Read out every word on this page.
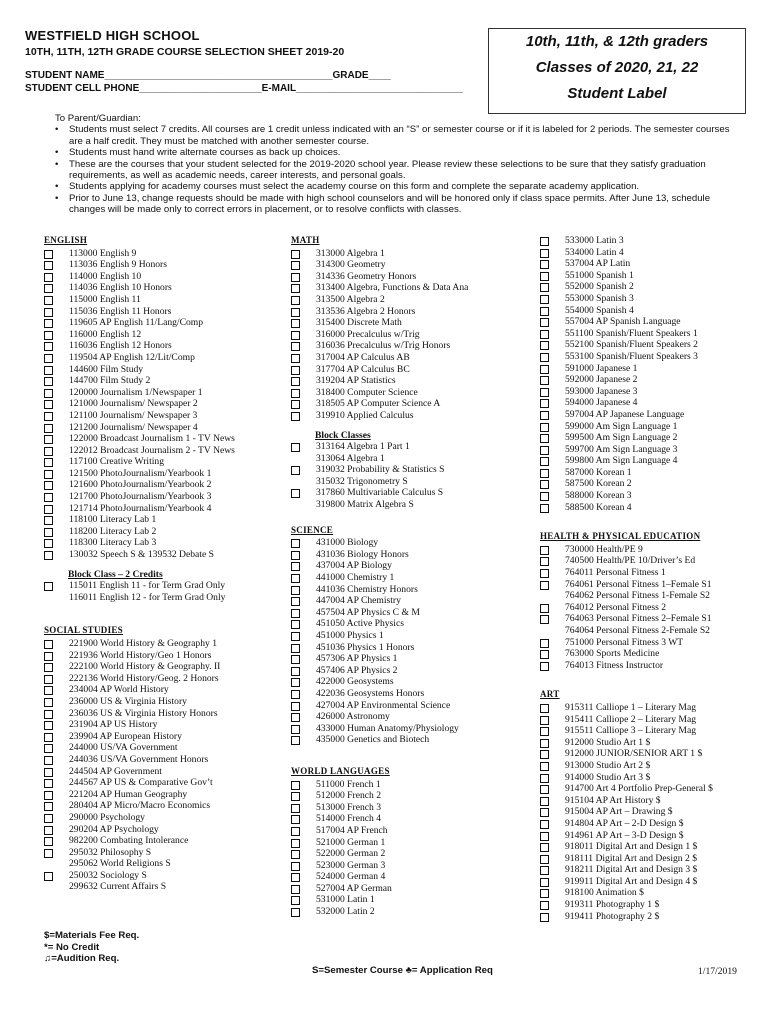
WESTFIELD HIGH SCHOOL
10TH, 11TH, 12TH GRADE COURSE SELECTION SHEET 2019-20
STUDENT NAME_________________________________________GRADE____
STUDENT CELL PHONE______________________E-MAIL______________________________
10th, 11th, & 12th graders
Classes of 2020, 21, 22
Student Label
To Parent/Guardian:
• Students must select 7 credits. All courses are 1 credit unless indicated with an “S” or semester course or if it is labeled for 2 periods. The semester courses are a half credit. They must be matched with another semester course.
• Students must hand write alternate courses as back up choices.
• These are the courses that your student selected for the 2019-2020 school year. Please review these selections to be sure that they satisfy graduation requirements, as well as academic needs, career interests, and personal goals.
• Students applying for academy courses must select the academy course on this form and complete the separate academy application.
• Prior to June 13, change requests should be made with high school counselors and will be honored only if class space permits. After June 13, schedule changes will be made only to correct errors in placement, or to resolve conflicts with classes.
ENGLISH
113000 English 9
113036 English 9 Honors
114000 English 10
114036 English 10 Honors
115000 English 11
115036 English 11 Honors
119605 AP English 11/Lang/Comp
116000 English 12
116036 English 12 Honors
119504 AP English 12/Lit/Comp
144600 Film Study
144700 Film Study 2
120000 Journalism 1/Newspaper 1
121000 Journalism/ Newspaper 2
121100 Journalism/ Newspaper 3
121200 Journalism/ Newspaper 4
122000 Broadcast Journalism 1 - TV News
122012 Broadcast Journalism 2 - TV News
117100 Creative Writing
121500 PhotoJournalism/Yearbook 1
121600 PhotoJournalism/Yearbook 2
121700 PhotoJournalism/Yearbook 3
121714 PhotoJournalism/Yearbook 4
118100 Literacy Lab 1
118200 Literacy Lab 2
118300 Literacy Lab 3
130032 Speech S & 139532 Debate S
Block Class – 2 Credits
115011 English 11 - for Term Grad Only
116011 English 12 - for Term Grad Only
SOCIAL STUDIES
221900 World History & Geography 1
221936 World History/Geo 1 Honors
222100 World History & Geography. II
222136 World History/Geog. 2 Honors
234004 AP World History
236000 US & Virginia History
236036 US & Virginia History Honors
231904 AP US History
239904 AP European History
244000 US/VA Government
244036 US/VA Government Honors
244504 AP Government
244567 AP US & Comparative Gov’t
221204 AP Human Geography
280404 AP Micro/Macro Economics
290000 Psychology
290204 AP Psychology
982200 Combating Intolerance
295032 Philosophy S
295062 World Religions S
250032 Sociology S
299632 Current Affairs S
MATH
313000 Algebra 1
314300 Geometry
314336 Geometry Honors
313400 Algebra, Functions & Data Ana
313500 Algebra 2
313536 Algebra 2 Honors
315400 Discrete Math
316000 Precalculus w/Trig
316036 Precalculus w/Trig Honors
317004 AP Calculus AB
317704 AP Calculus BC
319204 AP Statistics
318400 Computer Science
318505 AP Computer Science A
319910 Applied Calculus
Block Classes
313164 Algebra 1 Part 1
313064 Algebra 1
319032 Probability & Statistics S
315032 Trigonometry S
317860 Multivariable Calculus S
319800 Matrix Algebra S
SCIENCE
431000 Biology
431036 Biology Honors
437004 AP Biology
441000 Chemistry 1
441036 Chemistry Honors
447004 AP Chemistry
457504 AP Physics C & M
451050 Active Physics
451000 Physics 1
451036 Physics 1 Honors
457306 AP Physics 1
457406 AP Physics 2
422000 Geosystems
422036 Geosystems Honors
427004 AP Environmental Science
426000 Astronomy
433000 Human Anatomy/Physiology
435000 Genetics and Biotech
WORLD LANGUAGES
511000 French 1
512000 French 2
513000 French 3
514000 French 4
517004 AP French
521000 German 1
522000 German 2
523000 German 3
524000 German 4
527004 AP German
531000 Latin 1
532000 Latin 2
533000 Latin 3
534000 Latin 4
537004 AP Latin
551000 Spanish 1
552000 Spanish 2
553000 Spanish 3
554000 Spanish 4
557004 AP Spanish Language
551100 Spanish/Fluent Speakers 1
552100 Spanish/Fluent Speakers 2
553100 Spanish/Fluent Speakers 3
591000 Japanese 1
592000 Japanese 2
593000 Japanese 3
594000 Japanese 4
597004 AP Japanese Language
599000 Am Sign Language 1
599500 Am Sign Language 2
599700 Am Sign Language 3
599800 Am Sign Language 4
587000 Korean 1
587500 Korean 2
588000 Korean 3
588500 Korean 4
HEALTH & PHYSICAL EDUCATION
730000 Health/PE 9
740500 Health/PE 10/Driver’s Ed
764011 Personal Fitness 1
764061 Personal Fitness 1–Female S1
764062 Personal Fitness 1-Female S2
764012 Personal Fitness 2
764063 Personal Fitness 2–Female S1
764064 Personal Fitness 2-Female S2
751000 Personal Fitness 3 WT
763000 Sports Medicine
764013 Fitness Instructor
ART
915311 Calliope 1 – Literary Mag
915411 Calliope 2 – Literary Mag
915511 Calliope 3 – Literary Mag
912000 Studio Art 1 $
912000 JUNIOR/SENIOR ART 1 $
913000 Studio Art 2 $
914000 Studio Art 3 $
914700 Art 4 Portfolio Prep-General $
915104 AP Art History $
915004 AP Art – Drawing $
914804 AP Art – 2-D Design $
914961 AP Art – 3-D Design $
918011 Digital Art and Design 1 $
918111 Digital Art and Design 2 $
918211 Digital Art and Design 3 $
919911 Digital Art and Design 4 $
918100 Animation $
919311 Photography 1 $
919411 Photography 2 $
$=Materials Fee Req.
*= No Credit
♫=Audition Req.
S=Semester Course ♣= Application Req	1/17/2019
